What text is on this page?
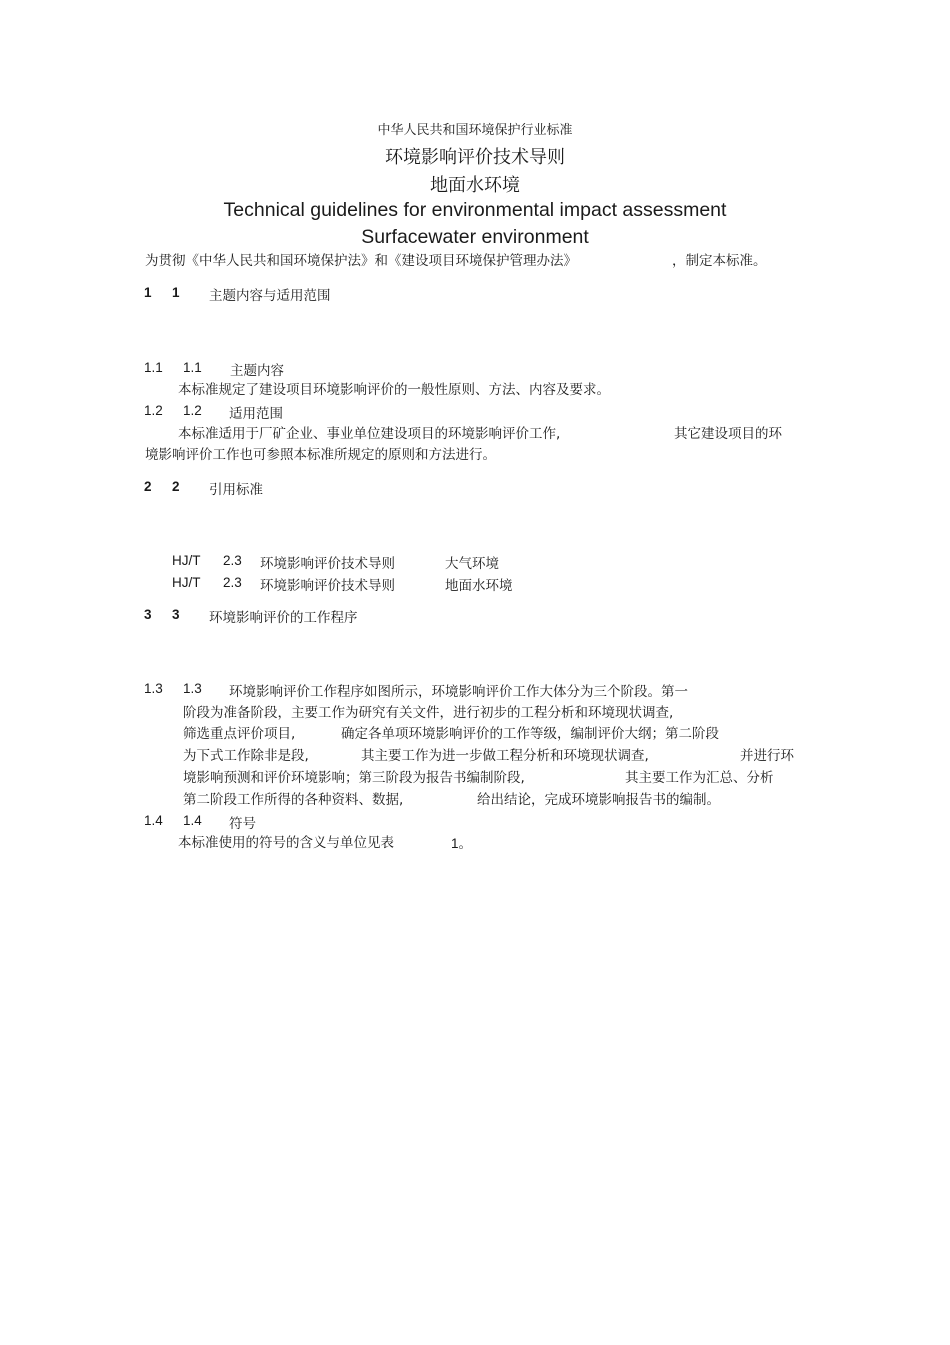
中华人民共和国环境保护行业标准
环境影响评价技术导则
地面水环境
Technical guidelines for environmental impact assessment
Surfacewater environment
为贯彻《中华人民共和国环境保护法》和《建设项目环境保护管理办法》	，制定本标准。
1 1 主题内容与适用范围
1.1 1.1 主题内容
本标准规定了建设项目环境影响评价的一般性原则、方法、内容及要求。
1.2 1.2 适用范围
本标准适用于厂矿企业、事业单位建设项目的环境影响评价工作,	其它建设项目的环
境影响评价工作也可参照本标准所规定的原则和方法进行。
2 2 引用标准
HJ/T 2.3 环境影响评价技术导则	大气环境
HJ/T 2.3 环境影响评价技术导则	地面水环境
3 3 环境影响评价的工作程序
1.3 1.3 环境影响评价工作程序如图所示，环境影响评价工作大体分为三个阶段。第一
阶段为准备阶段，主要工作为研究有关文件，进行初步的工程分析和环境现状调查,
筛选重点评价项目,	确定各单项环境影响评价的工作等级，编制评价大纲；第二阶段
为下式工作除非是段,	其主要工作为进一步做工程分析和环境现状调查,	并进行环
境影响预测和评价环境影响；第三阶段为报告书编制阶段,	其主要工作为汇总、分析
第二阶段工作所得的各种资料、数据,	给出结论，完成环境影响报告书的编制。
1.4 1.4 符号
本标准使用的符号的含义与单位见表	1。
